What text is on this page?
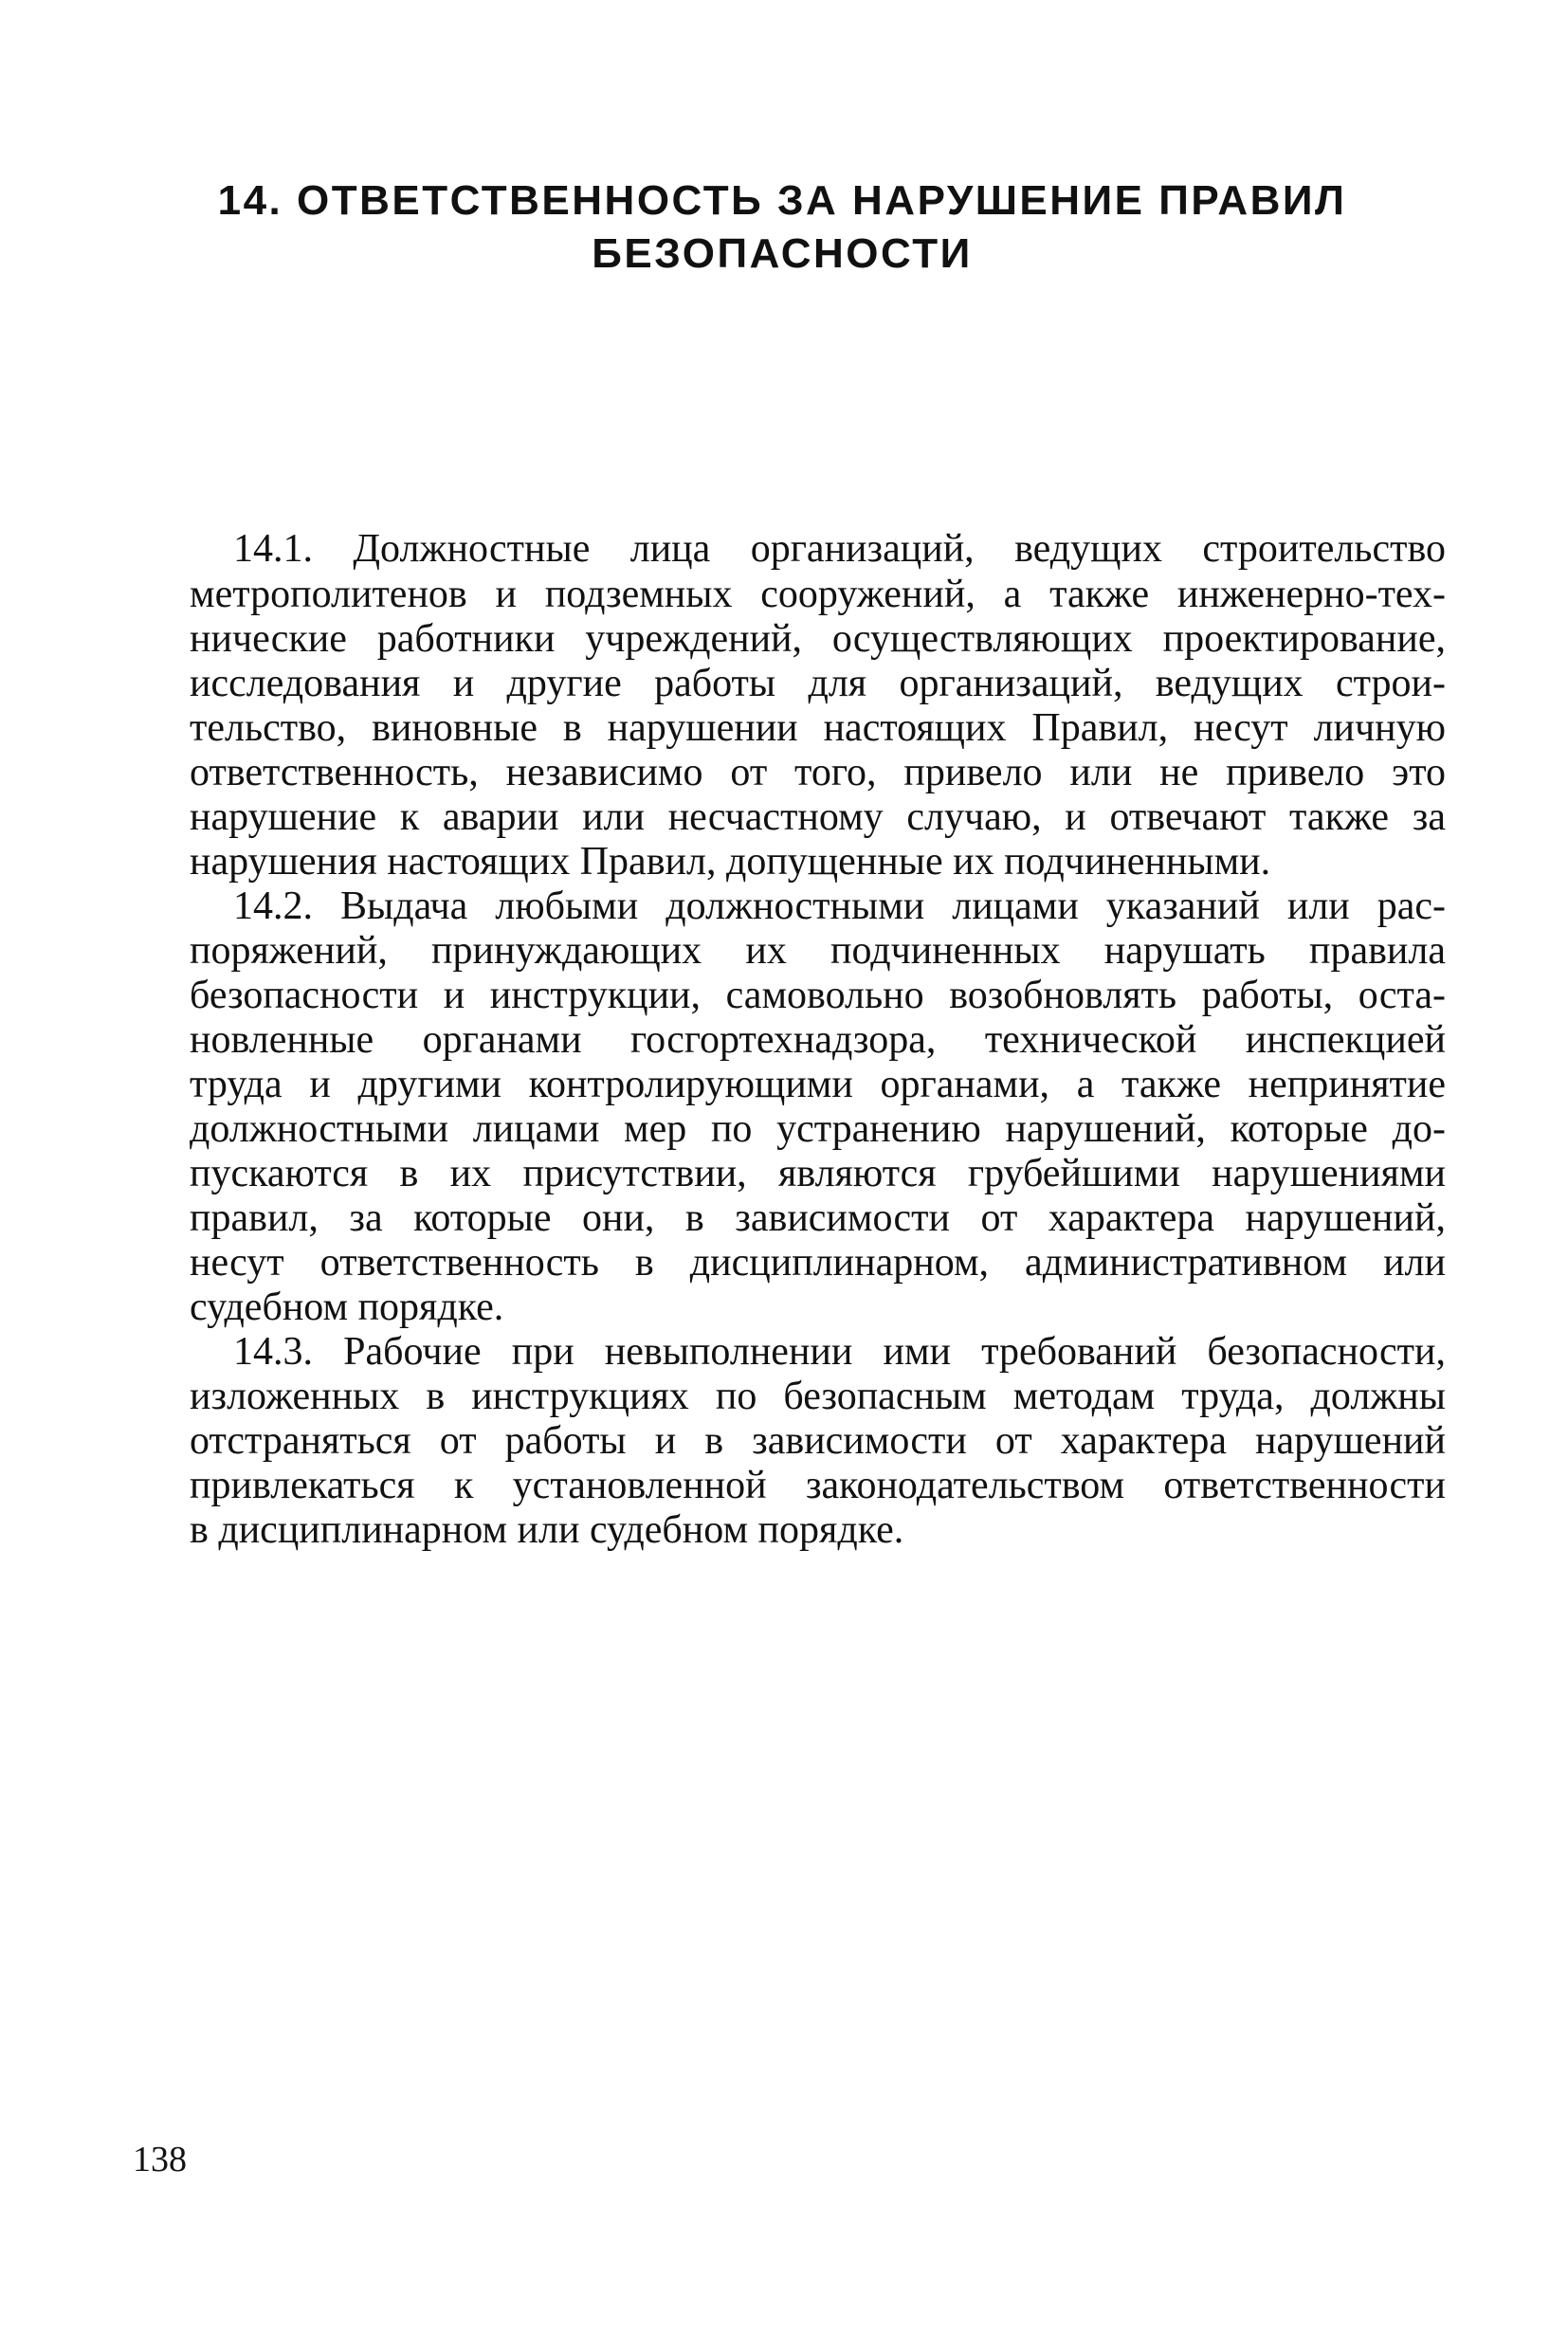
14. ОТВЕТСТВЕННОСТЬ ЗА НАРУШЕНИЕ ПРАВИЛ
БЕЗОПАСНОСТИ
14.1. Должностные лица организаций, ведущих строительство
метрополитенов и подземных сооружений, а также инженерно-тех-
нические работники учреждений, осуществляющих проектирование,
исследования и другие работы для организаций, ведущих строи-
тельство, виновные в нарушении настоящих Правил, несут личную
ответственность, независимо от того, привело или не привело это
нарушение к аварии или несчастному случаю, и отвечают также за
нарушения настоящих Правил, допущенные их подчиненными.
14.2. Выдача любыми должностными лицами указаний или рас-
поряжений, принуждающих их подчиненных нарушать правила
безопасности и инструкции, самовольно возобновлять работы, оста-
новленные органами госгортехнадзора, технической инспекцией
труда и другими контролирующими органами, а также непринятие
должностными лицами мер по устранению нарушений, которые до-
пускаются в их присутствии, являются грубейшими нарушениями
правил, за которые они, в зависимости от характера нарушений,
несут ответственность в дисциплинарном, административном или
судебном порядке.
14.3. Рабочие при невыполнении ими требований безопасности,
изложенных в инструкциях по безопасным методам труда, должны
отстраняться от работы и в зависимости от характера нарушений
привлекаться к установленной законодательством ответственности
в дисциплинарном или судебном порядке.
138
